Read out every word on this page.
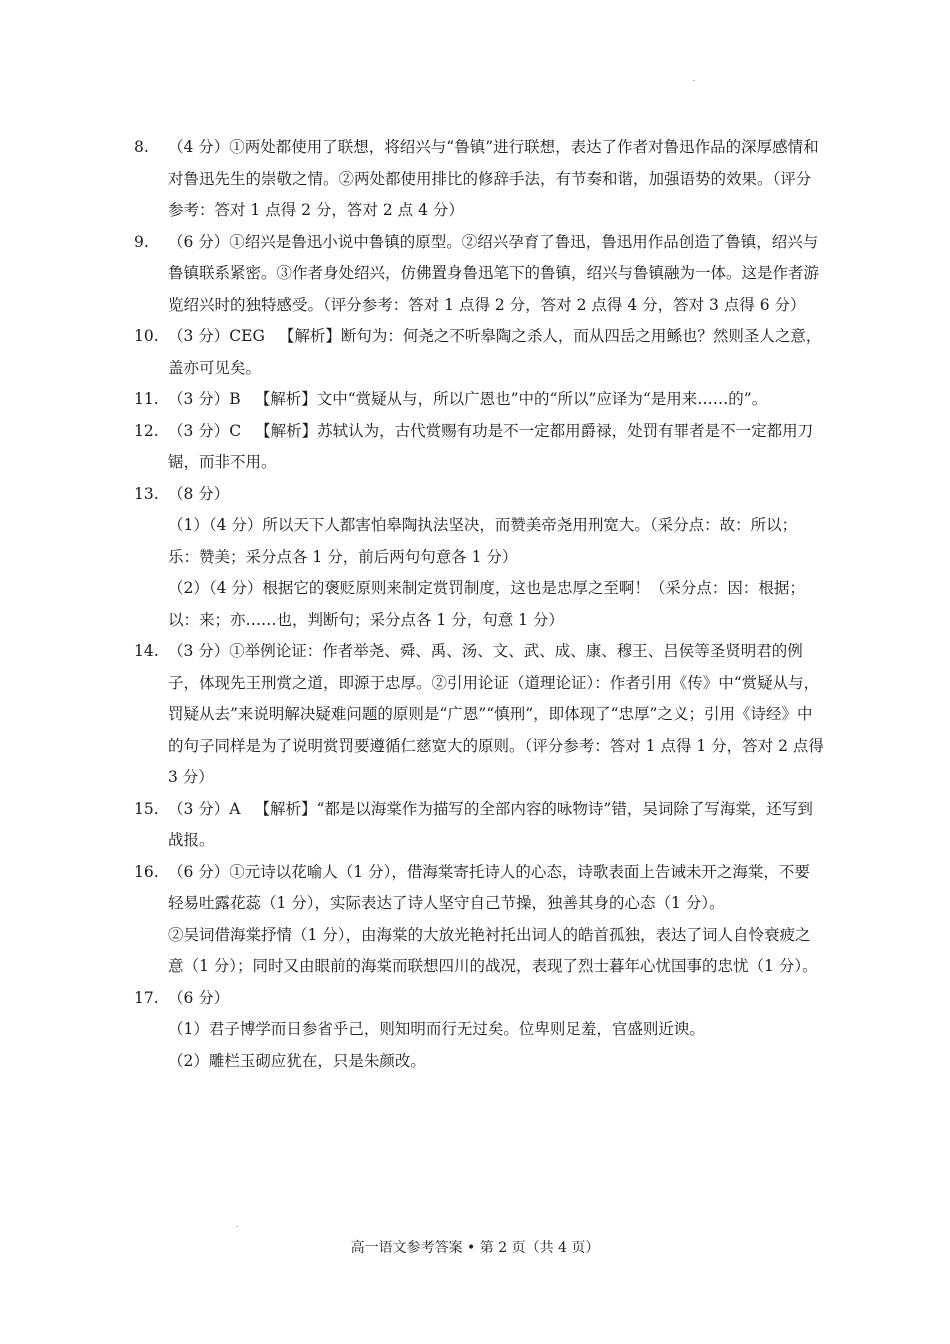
8. （4 分）①两处都使用了联想，将绍兴与“鲁镇”进行联想，表达了作者对鲁迅作品的深厚感情和对鲁迅先生的崇敬之情。②两处都使用排比的修辞手法，有节奏和谐，加强语势的效果。（评分参考：答对 1 点得 2 分，答对 2 点 4 分）
9. （6 分）①绍兴是鲁迅小说中鲁镇的原型。②绍兴孕育了鲁迅，鲁迅用作品创造了鲁镇，绍兴与鲁镇联系紧密。③作者身处绍兴，仿佛置身鲁迅笔下的鲁镇，绍兴与鲁镇融为一体。这是作者游览绍兴时的独特感受。（评分参考：答对 1 点得 2 分，答对 2 点得 4 分，答对 3 点得 6 分）
10. （3 分）CEG 【解析】断句为：何尧之不听皋陶之杀人，而从四岳之用鲧也？然则圣人之意，盖亦可见矣。
11. （3 分）B 【解析】文中“赏疑从与，所以广恩也”中的“所以”应译为“是用来……的”。
12. （3 分）C 【解析】苏轼认为，古代赏赐有功是不一定都用爵禄，处罚有罪者是不一定都用刀锯，而非不用。
13. （8 分）
（1）（4 分）所以天下人都害怕皋陶执法坚决，而赞美帝尧用刑宽大。（采分点：故：所以；乐：赞美；采分点各 1 分，前后两句句意各 1 分）
（2）（4 分）根据它的褒贬原则来制定赏罚制度，这也是忠厚之至啊！（采分点：因：根据；以：来；亦……也，判断句；采分点各 1 分，句意 1 分）
14. （3 分）①举例论证：作者举尧、舜、禹、汤、文、武、成、康、穆王、吕侯等圣贤明君的例子，体现先王刑赏之道，即源于忠厚。②引用论证（道理论证）：作者引用《传》中“赏疑从与，罚疑从去”来说明解决疑难问题的原则是“广恩”“慎刑”，即体现了“忠厚”之义；引用《诗经》中的句子同样是为了说明赏罚要遵循仁慈宽大的原则。（评分参考：答对 1 点得 1 分，答对 2 点得 3 分）
15. （3 分）A 【解析】“都是以海棠作为描写的全部内容的咏物诗”错，吴词除了写海棠，还写到战报。
16. （6 分）①元诗以花喻人（1 分），借海棠寄托诗人的心态，诗歌表面上告诫未开之海棠，不要轻易吐露花蕊（1 分），实际表达了诗人坚守自己节操，独善其身的心态（1 分）。
②吴词借海棠抒情（1 分），由海棠的大放光艳衬托出词人的皓首孤独，表达了词人自怜衰疲之意（1 分）；同时又由眼前的海棠而联想四川的战况，表现了烈士暮年心忧国事的忠忧（1 分）。
17. （6 分）
（1）君子博学而日参省乎己，则知明而行无过矣。位卑则足羞，官盛则近谀。
（2）雕栏玉砌应犹在，只是朱颜改。
高一语文参考答案 • 第 2 页（共 4 页）
